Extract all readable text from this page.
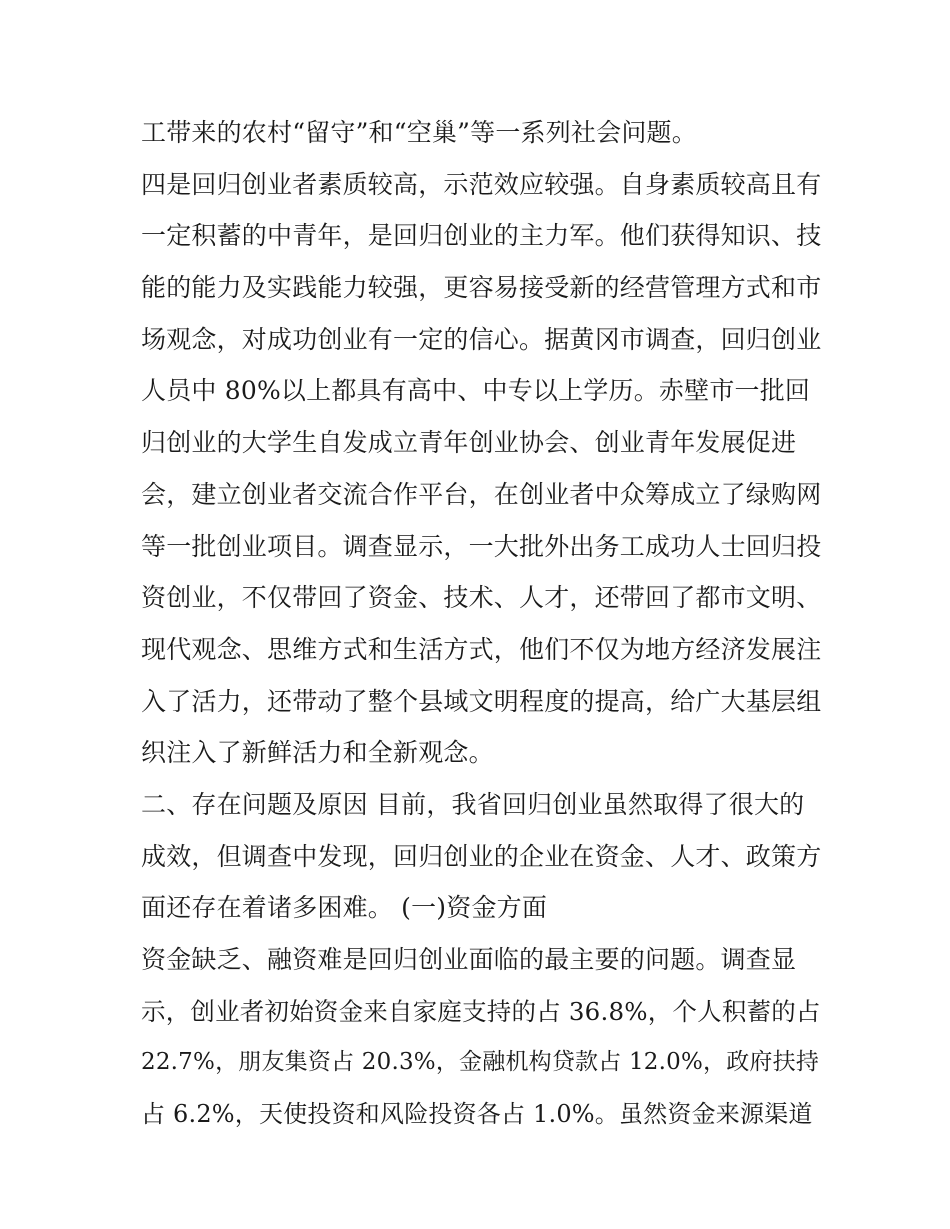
工带来的农村“留守”和“空巢”等一系列社会问题。
四是回归创业者素质较高，示范效应较强。自身素质较高且有
一定积蓄的中青年，是回归创业的主力军。他们获得知识、技
能的能力及实践能力较强，更容易接受新的经营管理方式和市
场观念，对成功创业有一定的信心。据黄冈市调查，回归创业
人员中 80%以上都具有高中、中专以上学历。赤壁市一批回
归创业的大学生自发成立青年创业协会、创业青年发展促进
会，建立创业者交流合作平台，在创业者中众筹成立了绿购网
等一批创业项目。调查显示，一大批外出务工成功人士回归投
资创业，不仅带回了资金、技术、人才，还带回了都市文明、
现代观念、思维方式和生活方式，他们不仅为地方经济发展注
入了活力，还带动了整个县域文明程度的提高，给广大基层组
织注入了新鲜活力和全新观念。
二、存在问题及原因 目前，我省回归创业虽然取得了很大的
成效，但调查中发现，回归创业的企业在资金、人才、政策方
面还存在着诸多困难。 (一)资金方面
资金缺乏、融资难是回归创业面临的最主要的问题。调查显
示，创业者初始资金来自家庭支持的占 36.8%，个人积蓄的占
22.7%，朋友集资占 20.3%，金融机构贷款占 12.0%，政府扶持
占 6.2%，天使投资和风险投资各占 1.0%。虽然资金来源渠道
